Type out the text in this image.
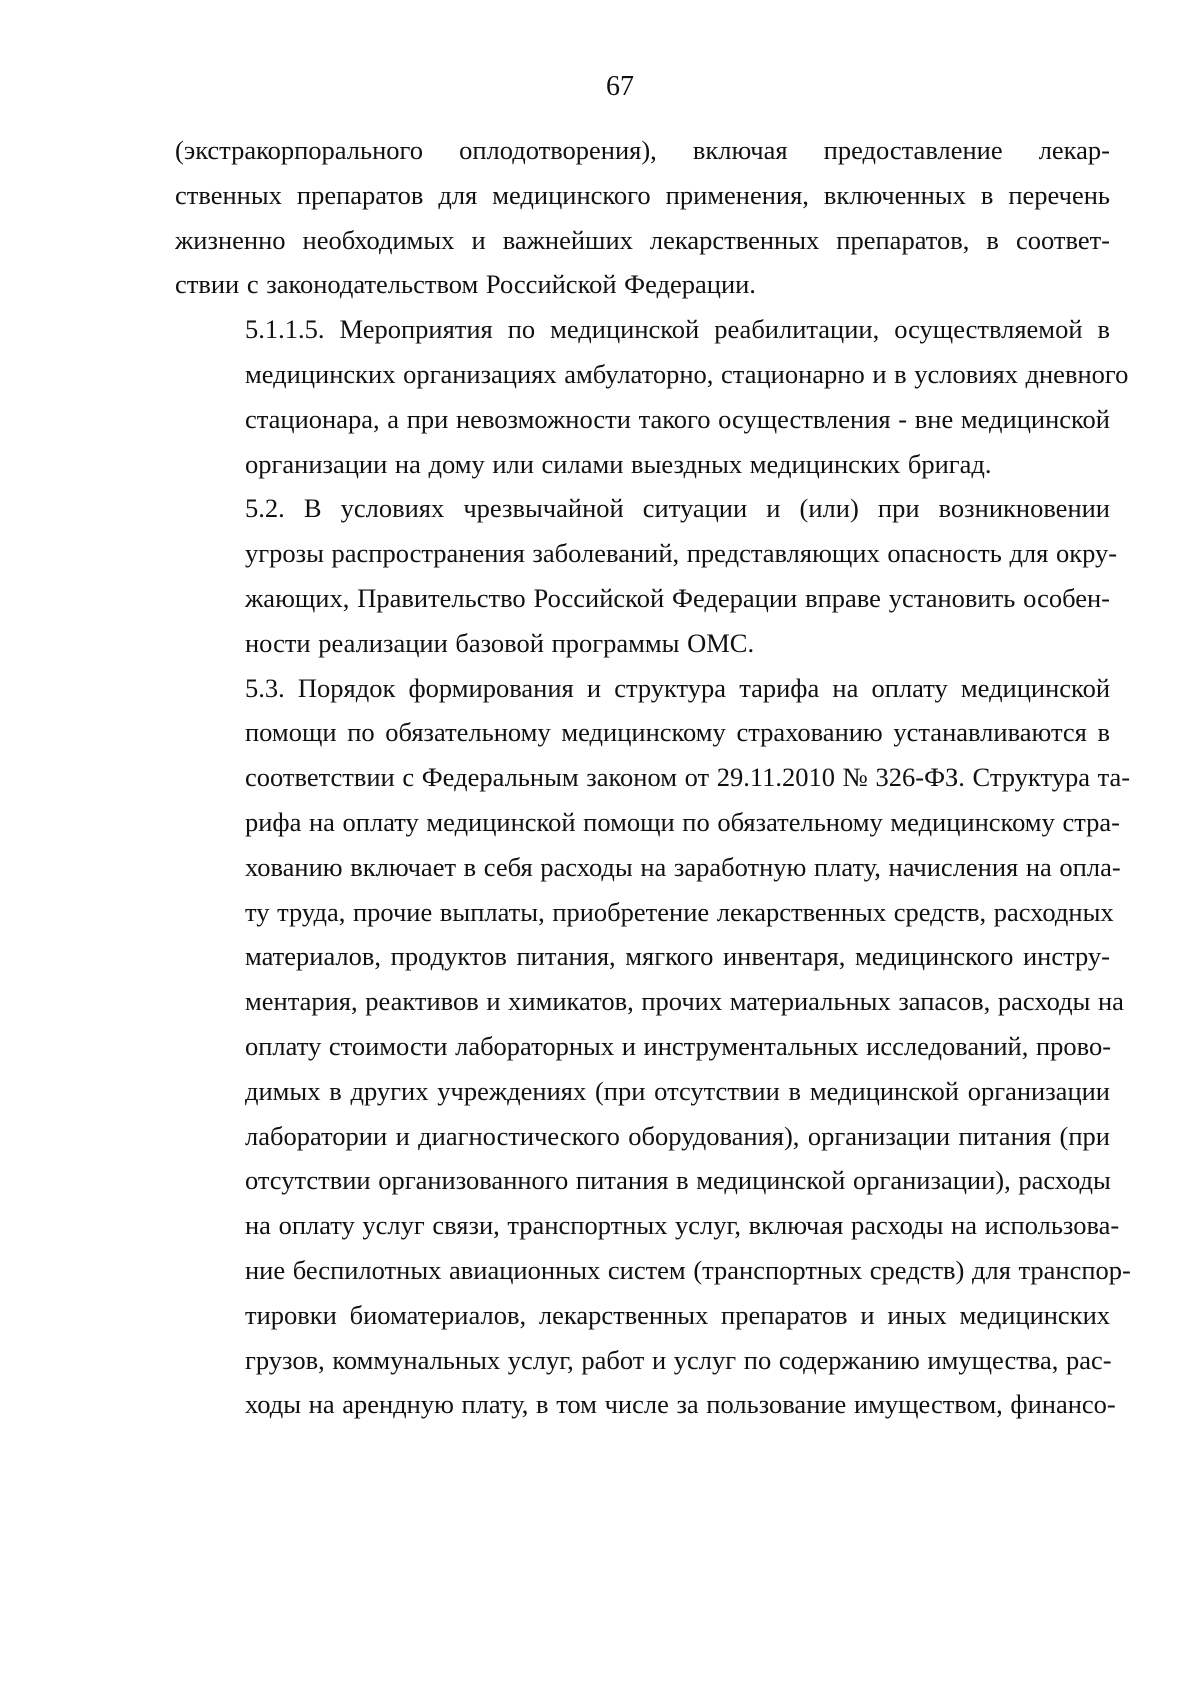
67

(экстракорпорального оплодотворения), включая предоставление лекар-
ственных препаратов для медицинского применения, включенных в перечень
жизненно необходимых и важнейших лекарственных препаратов, в соответ-
ствии с законодательством Российской Федерации.

5.1.1.5. Мероприятия по медицинской реабилитации, осуществляемой в
медицинских организациях амбулаторно, стационарно и в условиях дневного
стационара, а при невозможности такого осуществления - вне медицинской
организации на дому или силами выездных медицинских бригад.

5.2. В условиях чрезвычайной ситуации и (или) при возникновении
угрозы распространения заболеваний, представляющих опасность для окру-
жающих, Правительство Российской Федерации вправе установить особен-
ности реализации базовой программы ОМС.

5.3. Порядок формирования и структура тарифа на оплату медицинской
помощи по обязательному медицинскому страхованию устанавливаются в
соответствии с Федеральным законом от 29.11.2010 № 326-ФЗ. Структура та-
рифа на оплату медицинской помощи по обязательному медицинскому стра-
хованию включает в себя расходы на заработную плату, начисления на опла-
ту труда, прочие выплаты, приобретение лекарственных средств, расходных
материалов, продуктов питания, мягкого инвентаря, медицинского инстру-
ментария, реактивов и химикатов, прочих материальных запасов, расходы на
оплату стоимости лабораторных и инструментальных исследований, прово-
димых в других учреждениях (при отсутствии в медицинской организации
лаборатории и диагностического оборудования), организации питания (при
отсутствии организованного питания в медицинской организации), расходы
на оплату услуг связи, транспортных услуг, включая расходы на использова-
ние беспилотных авиационных систем (транспортных средств) для транспор-
тировки биоматериалов, лекарственных препаратов и иных медицинских
грузов, коммунальных услуг, работ и услуг по содержанию имущества, рас-
ходы на арендную плату, в том числе за пользование имуществом, финансо-
